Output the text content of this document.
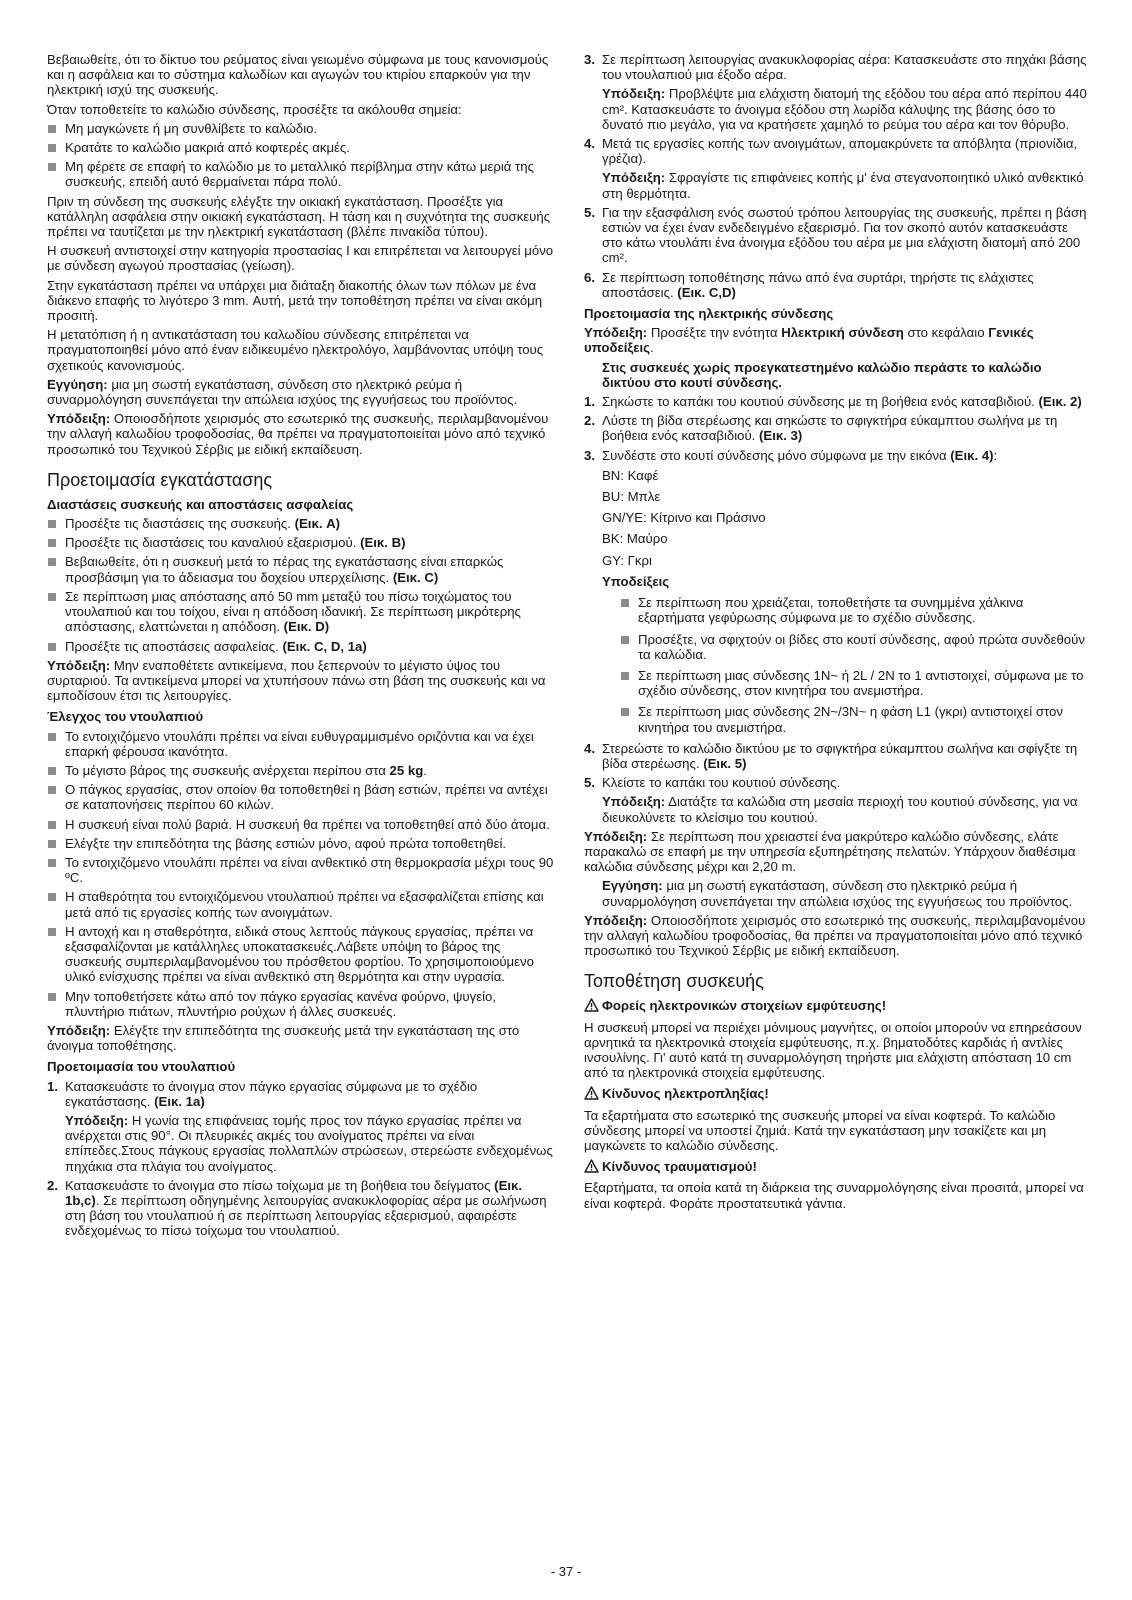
Βεβαιωθείτε, ότι το δίκτυο του ρεύματος είναι γειωμένο σύμφωνα με τους κανονισμούς και η ασφάλεια και το σύστημα καλωδίων και αγωγών του κτιρίου επαρκούν για την ηλεκτρική ισχύ της συσκευής.

Όταν τοποθετείτε το καλώδιο σύνδεσης, προσέξτε τα ακόλουθα σημεία:

Μη μαγκώνετε ή μη συνθλίβετε το καλώδιο.
Κρατάτε το καλώδιο μακριά από κοφτερές ακμές.
Μη φέρετε σε επαφή το καλώδιο με το μεταλλικό περίβλημα στην κάτω μεριά της συσκευής, επειδή αυτό θερμαίνεται πάρα πολύ.

Πριν τη σύνδεση της συσκευής ελέγξτε την οικιακή εγκατάσταση. Προσέξτε για κατάλληλη ασφάλεια στην οικιακή εγκατάσταση. Η τάση και η συχνότητα της συσκευής πρέπει να ταυτίζεται με την ηλεκτρική εγκατάσταση (βλέπε πινακίδα τύπου).

Η συσκευή αντιστοιχεί στην κατηγορία προστασίας I και επιτρέπεται να λειτουργεί μόνο με σύνδεση αγωγού προστασίας (γείωση).

Στην εγκατάσταση πρέπει να υπάρχει μια διάταξη διακοπής όλων των πόλων με ένα διάκενο επαφής το λιγότερο 3 mm. Αυτή, μετά την τοποθέτηση πρέπει να είναι ακόμη προσιτή.

Η μετατόπιση ή η αντικατάσταση του καλωδίου σύνδεσης επιτρέπεται να πραγματοποιηθεί μόνο από έναν ειδικευμένο ηλεκτρολόγο, λαμβάνοντας υπόψη τους σχετικούς κανονισμούς.

Εγγύηση: μια μη σωστή εγκατάσταση, σύνδεση στο ηλεκτρικό ρεύμα ή συναρμολόγηση συνεπάγεται την απώλεια ισχύος της εγγυήσεως του προϊόντος.

Υπόδειξη: Οποιοσδήποτε χειρισμός στο εσωτερικό της συσκευής, περιλαμβανομένου την αλλαγή καλωδίου τροφοδοσίας, θα πρέπει να πραγματοποιείται μόνο από τεχνικό προσωπικό του Τεχνικού Σέρβις με ειδική εκπαίδευση.

Προετοιμασία εγκατάστασης
Διαστάσεις συσκευής και αποστάσεις ασφαλείας
Προσέξτε τις διαστάσεις της συσκευής. (Εικ. A)
Προσέξτε τις διαστάσεις του καναλιού εξαερισμού. (Εικ. B)
Βεβαιωθείτε, ότι η συσκευή μετά το πέρας της εγκατάστασης είναι επαρκώς προσβάσιμη για το άδειασμα του δοχείου υπερχείλισης. (Εικ. C)
Σε περίπτωση μιας απόστασης από 50 mm μεταξύ του πίσω τοιχώματος του ντουλαπιού και του τοίχου, είναι η απόδοση ιδανική. Σε περίπτωση μικρότερης απόστασης, ελαττώνεται η απόδοση. (Εικ. D)
Προσέξτε τις αποστάσεις ασφαλείας. (Εικ. C, D, 1a)

Υπόδειξη: Μην εναποθέτετε αντικείμενα, που ξεπερνούν το μέγιστο ύψος του συρταριού. Τα αντικείμενα μπορεί να χτυπήσουν πάνω στη βάση της συσκευής και να εμποδίσουν έτσι τις λειτουργίες.

Έλεγχος του ντουλαπιού
Το εντοιχιζόμενο ντουλάπι πρέπει να είναι ευθυγραμμισμένο οριζόντια και να έχει επαρκή φέρουσα ικανότητα.
Το μέγιστο βάρος της συσκευής ανέρχεται περίπου στα 25 kg.
Ο πάγκος εργασίας, στον οποίον θα τοποθετηθεί η βάση εστιών, πρέπει να αντέχει σε καταπονήσεις περίπου 60 κιλών.
Η συσκευή είναι πολύ βαριά. Η συσκευή θα πρέπει να τοποθετηθεί από δύο άτομα.
Ελέγξτε την επιπεδότητα της βάσης εστιών μόνο, αφού πρώτα τοποθετηθεί.
Το εντοιχιζόμενο ντουλάπι πρέπει να είναι ανθεκτικό στη θερμοκρασία μέχρι τους 90 ºC.
Η σταθερότητα του εντοιχιζόμενου ντουλαπιού πρέπει να εξασφαλίζεται επίσης και μετά από τις εργασίες κοπής των ανοιγμάτων.
Η αντοχή και η σταθερότητα, ειδικά στους λεπτούς πάγκους εργασίας, πρέπει να εξασφαλίζονται με κατάλληλες υποκατασκευές.Λάβετε υπόψη το βάρος της συσκευής συμπεριλαμβανομένου του πρόσθετου φορτίου. Το χρησιμοποιούμενο υλικό ενίσχυσης πρέπει να είναι ανθεκτικό στη θερμότητα και στην υγρασία.
Μην τοποθετήσετε κάτω από τον πάγκο εργασίας κανένα φούρνο, ψυγείο, πλυντήριο πιάτων, πλυντήριο ρούχων ή άλλες συσκευές.

Υπόδειξη: Ελέγξτε την επιπεδότητα της συσκευής μετά την εγκατάσταση της στο άνοιγμα τοποθέτησης.

Προετοιμασία του ντουλαπιού
1. Κατασκευάστε το άνοιγμα στον πάγκο εργασίας σύμφωνα με το σχέδιο εγκατάστασης. (Εικ. 1a)
Υπόδειξη: Η γωνία της επιφάνειας τομής προς τον πάγκο εργασίας πρέπει να ανέρχεται στις 90°. Οι πλευρικές ακμές του ανοίγματος πρέπει να είναι επίπεδες.Στους πάγκους εργασίας πολλαπλών στρώσεων, στερεώστε ενδεχομένως πηχάκια στα πλάγια του ανοίγματος.
2. Κατασκευάστε το άνοιγμα στο πίσω τοίχωμα με τη βοήθεια του δείγματος (Εικ. 1b,c). Σε περίπτωση οδηγημένης λειτουργίας ανακυκλοφορίας αέρα με σωλήνωση στη βάση του ντουλαπιού ή σε περίπτωση λειτουργίας εξαερισμού, αφαιρέστε ενδεχομένως το πίσω τοίχωμα του ντουλαπιού.
3. Σε περίπτωση λειτουργίας ανακυκλοφορίας αέρα: Κατασκευάστε στο πηχάκι βάσης του ντουλαπιού μια έξοδο αέρα.
Υπόδειξη: Προβλέψτε μια ελάχιστη διατομή της εξόδου του αέρα από περίπου 440 cm². Κατασκευάστε το άνοιγμα εξόδου στη λωρίδα κάλυψης της βάσης όσο το δυνατό πιο μεγάλο, για να κρατήσετε χαμηλό το ρεύμα του αέρα και τον θόρυβο.
4. Μετά τις εργασίες κοπής των ανοιγμάτων, απομακρύνετε τα απόβλητα (πριονίδια, γρέζια).
Υπόδειξη: Σφραγίστε τις επιφάνειες κοπής μ' ένα στεγανοποιητικό υλικό ανθεκτικό στη θερμότητα.
5. Για την εξασφάλιση ενός σωστού τρόπου λειτουργίας της συσκευής, πρέπει η βάση εστιών να έχει έναν ενδεδειγμένο εξαερισμό. Για τον σκοπό αυτόν κατασκευάστε στο κάτω ντουλάπι ένα άνοιγμα εξόδου του αέρα με μια ελάχιστη διατομή από 200 cm².
6. Σε περίπτωση τοποθέτησης πάνω από ένα συρτάρι, τηρήστε τις ελάχιστες αποστάσεις. (Εικ. C,D)
Προετοιμασία της ηλεκτρικής σύνδεσης

Υπόδειξη: Προσέξτε την ενότητα Ηλεκτρική σύνδεση στο κεφάλαιο Γενικές υποδείξεις.

Στις συσκευές χωρίς προεγκατεστημένο καλώδιο περάστε το καλώδιο δικτύου στο κουτί σύνδεσης.

1. Σηκώστε το καπάκι του κουτιού σύνδεσης με τη βοήθεια ενός κατσαβιδιού. (Εικ. 2)
2. Λύστε τη βίδα στερέωσης και σηκώστε το σφιγκτήρα εύκαμπτου σωλήνα με τη βοήθεια ενός κατσαβιδιού. (Εικ. 3)
3. Συνδέστε στο κουτί σύνδεσης μόνο σύμφωνα με την εικόνα (Εικ. 4):
BN: Καφέ
BU: Μπλε
GN/YE: Κίτρινο και Πράσινο
BK: Μαύρο
GY: Γκρι
Υποδείξεις
Σε περίπτωση που χρειάζεται, τοποθετήστε τα συνημμένα χάλκινα εξαρτήματα γεφύρωσης σύμφωνα με το σχέδιο σύνδεσης.
Προσέξτε, να σφιχτούν οι βίδες στο κουτί σύνδεσης, αφού πρώτα συνδεθούν τα καλώδια.
Σε περίπτωση μιας σύνδεσης 1N~ ή 2L / 2N το 1 αντιστοιχεί, σύμφωνα με το σχέδιο σύνδεσης, στον κινητήρα του ανεμιστήρα.
Σε περίπτωση μιας σύνδεσης 2N~/3N~ η φάση L1 (γκρι) αντιστοιχεί στον κινητήρα του ανεμιστήρα.
4. Στερεώστε το καλώδιο δικτύου με το σφιγκτήρα εύκαμπτου σωλήνα και σφίγξτε τη βίδα στερέωσης. (Εικ. 5)
5. Κλείστε το καπάκι του κουτιού σύνδεσης.
Υπόδειξη: Διατάξτε τα καλώδια στη μεσαία περιοχή του κουτιού σύνδεσης, για να διευκολύνετε το κλείσιμο του κουτιού.

Υπόδειξη: Σε περίπτωση που χρειαστεί ένα μακρύτερο καλώδιο σύνδεσης, ελάτε παρακαλώ σε επαφή με την υπηρεσία εξυπηρέτησης πελατών. Υπάρχουν διαθέσιμα καλώδια σύνδεσης μέχρι και 2,20 m.

Εγγύηση: μια μη σωστή εγκατάσταση, σύνδεση στο ηλεκτρικό ρεύμα ή συναρμολόγηση συνεπάγεται την απώλεια ισχύος της εγγυήσεως του προϊόντος.

Υπόδειξη: Οποιοσδήποτε χειρισμός στο εσωτερικό της συσκευής, περιλαμβανομένου την αλλαγή καλωδίου τροφοδοσίας, θα πρέπει να πραγματοποιείται μόνο από τεχνικό προσωπικό του Τεχνικού Σέρβις με ειδική εκπαίδευση.

Τοποθέτηση συσκευής
Φορείς ηλεκτρονικών στοιχείων εμφύτευσης!

Η συσκευή μπορεί να περιέχει μόνιμους μαγνήτες, οι οποίοι μπορούν να επηρεάσουν αρνητικά τα ηλεκτρονικά στοιχεία εμφύτευσης, π.χ. βηματοδότες καρδιάς ή αντλίες ινσουλίνης. Γι' αυτό κατά τη συναρμολόγηση τηρήστε μια ελάχιστη απόσταση 10 cm από τα ηλεκτρονικά στοιχεία εμφύτευσης.

Κίνδυνος ηλεκτροπληξίας!

Τα εξαρτήματα στο εσωτερικό της συσκευής μπορεί να είναι κοφτερά. Το καλώδιο σύνδεσης μπορεί να υποστεί ζημιά. Κατά την εγκατάσταση μην τσακίζετε και μη μαγκώνετε το καλώδιο σύνδεσης.

Κίνδυνος τραυματισμού!

Εξαρτήματα, τα οποία κατά τη διάρκεια της συναρμολόγησης είναι προσιτά, μπορεί να είναι κοφτερά. Φοράτε προστατευτικά γάντια.

- 37 -
